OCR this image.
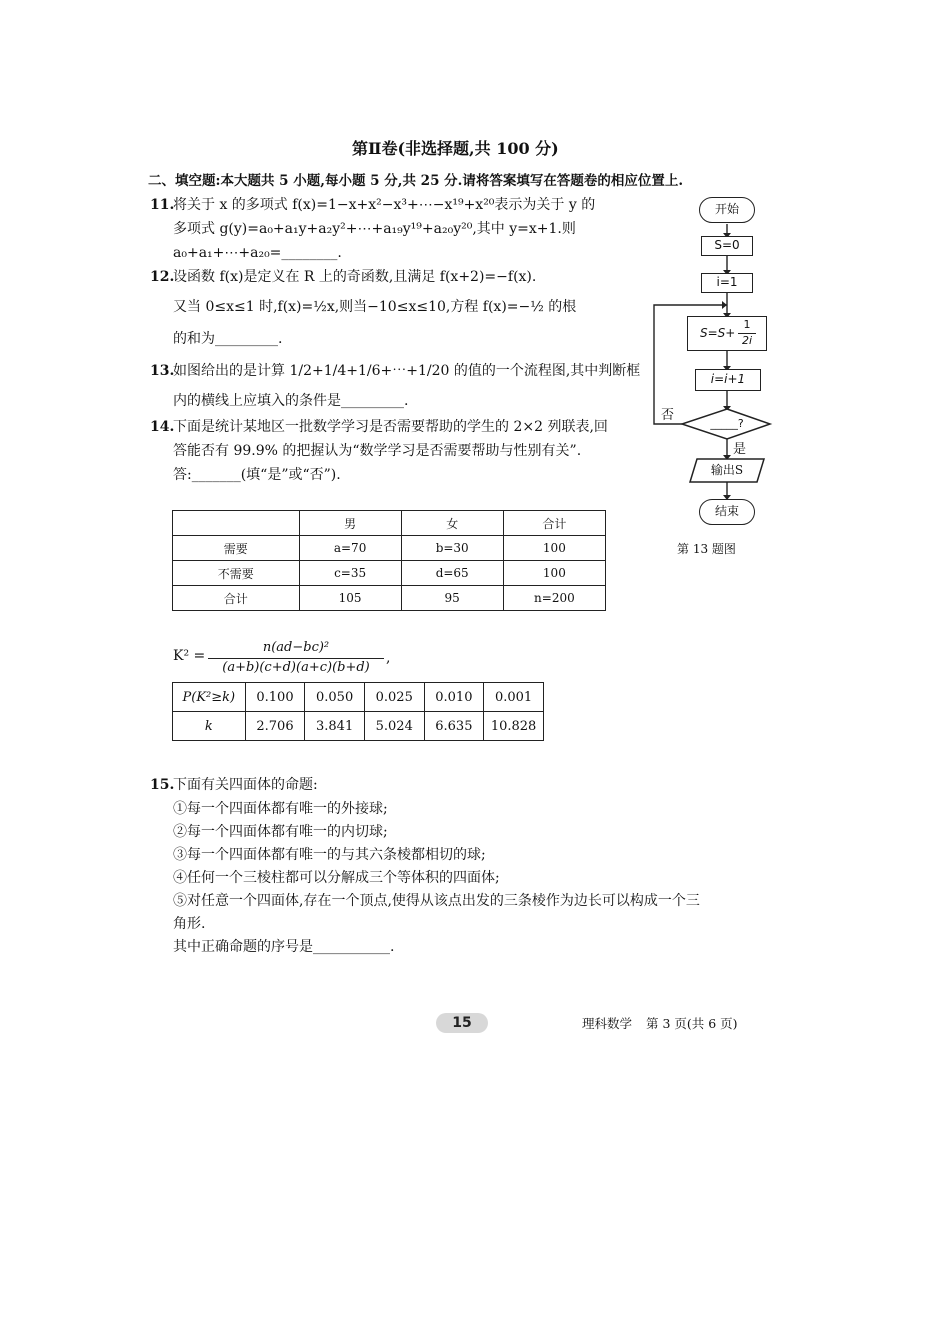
第Ⅱ卷(非选择题,共 100 分)
二、填空题:本大题共 5 小题,每小题 5 分,共 25 分.请将答案填写在答题卷的相应位置上.
11.
将关于 x 的多项式 f(x)=1−x+x²−x³+⋯−x¹⁹+x²⁰表示为关于 y 的
多项式 g(y)=a₀+a₁y+a₂y²+⋯+a₁₉y¹⁹+a₂₀y²⁰,其中 y=x+1.则
a₀+a₁+⋯+a₂₀=________.
12.
设函数 f(x)是定义在 R 上的奇函数,且满足 f(x+2)=−f(x).
又当 0≤x≤1 时,f(x)=½x,则当−10≤x≤10,方程 f(x)=−½ 的根
的和为_________.
13.
如图给出的是计算 1/2+1/4+1/6+⋯+1/20 的值的一个流程图,其中判断框
内的横线上应填入的条件是_________.
14.
下面是统计某地区一批数学学习是否需要帮助的学生的 2×2 列联表,回
答能否有 99.9% 的把握认为“数学学习是否需要帮助与性别有关”.
答:_______(填“是”或“否”).
	男	女	合计
需要	a=70	b=30	100
不需要	c=35	d=65	100
合计	105	95	n=200
K² =
n(ad−bc)²
(a+b)(c+d)(a+c)(b+d)
,
P(K²≥k)	0.100	0.050	0.025	0.010	0.001
k	2.706	3.841	5.024	6.635	10.828
15.
下面有关四面体的命题:
①每一个四面体都有唯一的外接球;
②每一个四面体都有唯一的内切球;
③每一个四面体都有唯一的与其六条棱都相切的球;
④任何一个三棱柱都可以分解成三个等体积的四面体;
⑤对任意一个四面体,存在一个顶点,使得从该点出发的三条棱作为边长可以构成一个三
角形.
其中正确命题的序号是___________.
开始
S=0
i=1
S=S+
1
2i
i=i+1
_____?
否
是
输出S
结束
第 13 题图
15	理科数学 第 3 页(共 6 页)
